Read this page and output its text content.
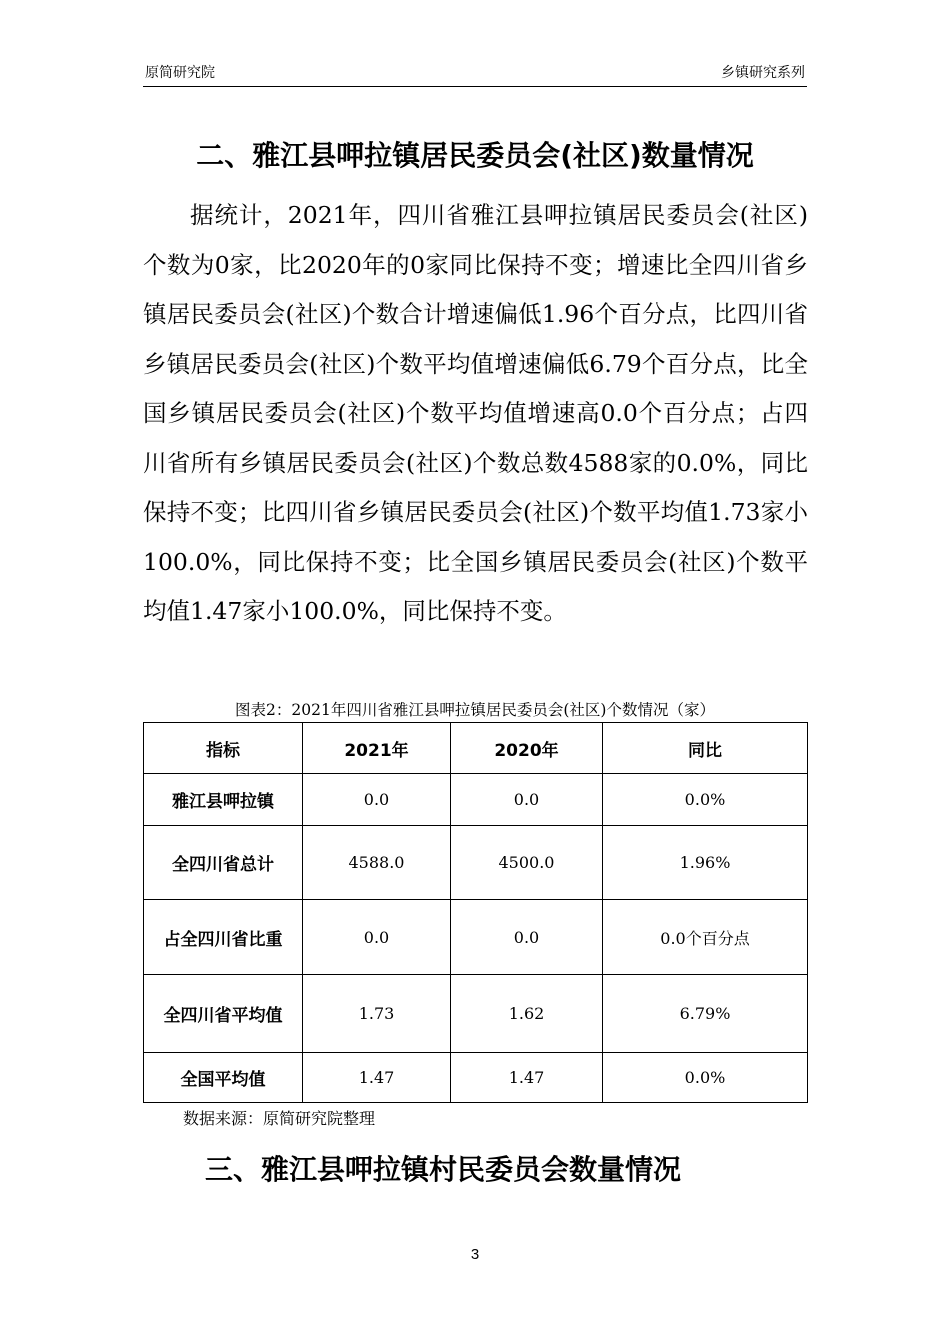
原简研究院	乡镇研究系列
二、雅江县呷拉镇居民委员会(社区)数量情况

据统计，2021年，四川省雅江县呷拉镇居民委员会(社区)个数为0家，比2020年的0家同比保持不变；增速比全四川省乡镇居民委员会(社区)个数合计增速偏低1.96个百分点，比四川省乡镇居民委员会(社区)个数平均值增速偏低6.79个百分点，比全国乡镇居民委员会(社区)个数平均值增速高0.0个百分点；占四川省所有乡镇居民委员会(社区)个数总数4588家的0.0%，同比保持不变；比四川省乡镇居民委员会(社区)个数平均值1.73家小100.0%，同比保持不变；比全国乡镇居民委员会(社区)个数平均值1.47家小100.0%，同比保持不变。

图表2：2021年四川省雅江县呷拉镇居民委员会(社区)个数情况（家）
指标	2021年	2020年	同比
雅江县呷拉镇	0.0	0.0	0.0%
全四川省总计	4588.0	4500.0	1.96%
占全四川省比重	0.0	0.0	0.0个百分点
全四川省平均值	1.73	1.62	6.79%
全国平均值	1.47	1.47	0.0%
数据来源：原简研究院整理
三、雅江县呷拉镇村民委员会数量情况
3
